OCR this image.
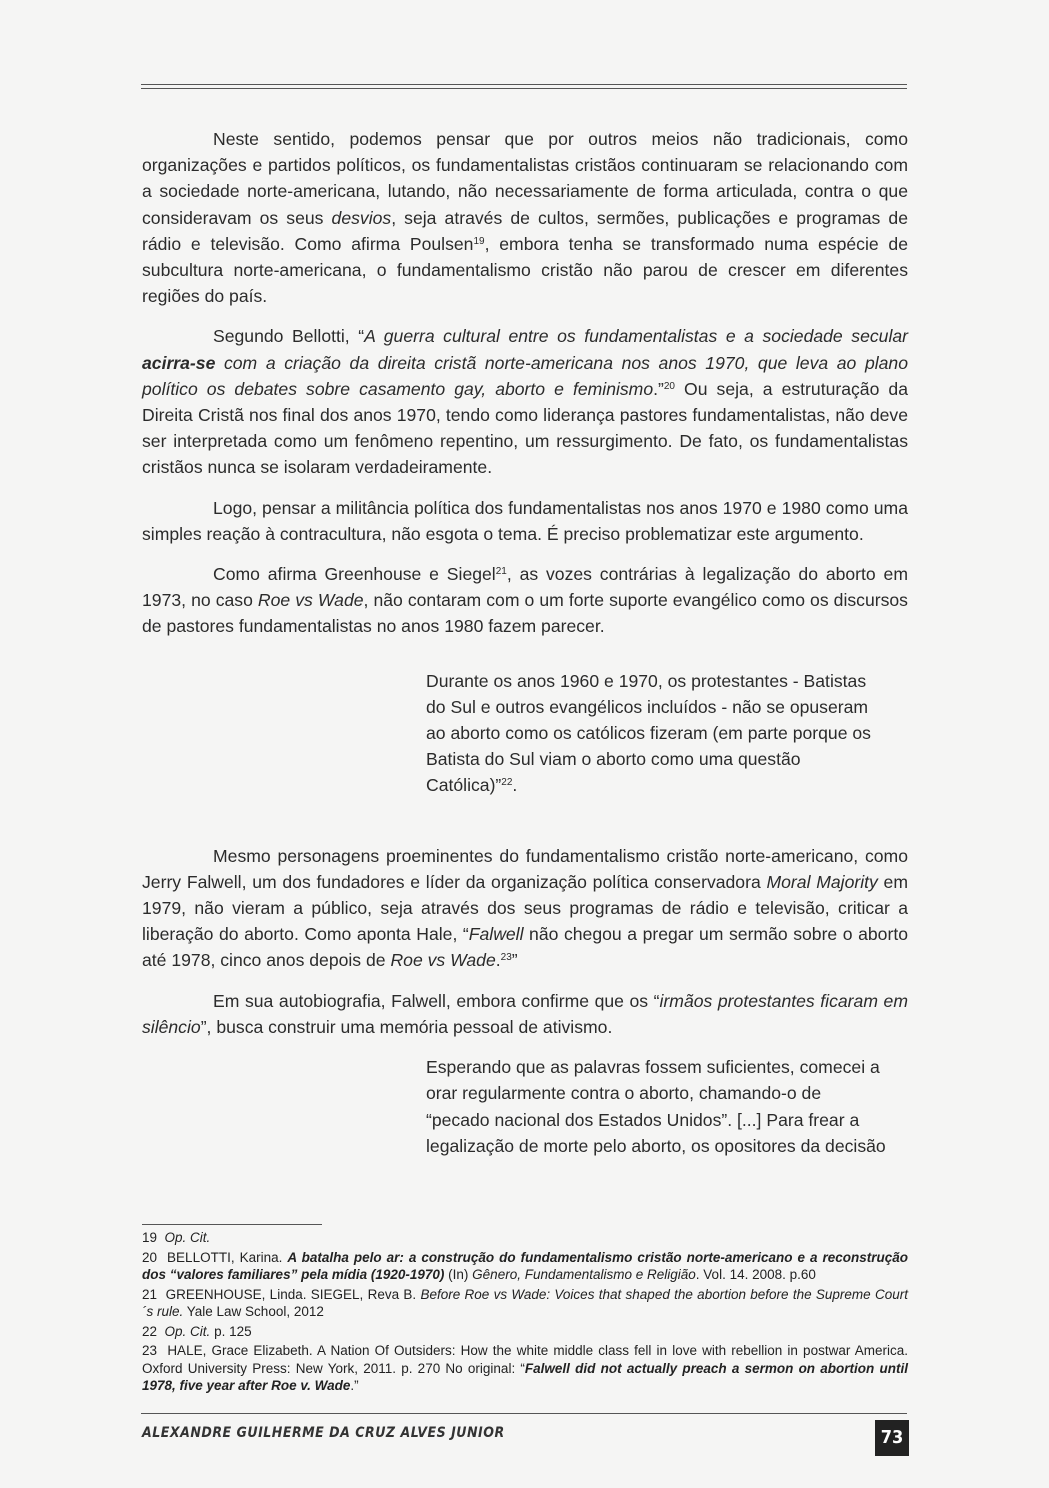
Neste sentido, podemos pensar que por outros meios não tradicionais, como organizações e partidos políticos, os fundamentalistas cristãos continuaram se relacionando com a sociedade norte-americana, lutando, não necessariamente de forma articulada, contra o que consideravam os seus desvios, seja através de cultos, sermões, publicações e programas de rádio e televisão. Como afirma Poulsen$^{19}$, embora tenha se transformado numa espécie de subcultura norte-americana, o fundamentalismo cristão não parou de crescer em diferentes regiões do país.

Segundo Bellotti, “A guerra cultural entre os fundamentalistas e a sociedade secular acirra-se com a criação da direita cristã norte-americana nos anos 1970, que leva ao plano político os debates sobre casamento gay, aborto e feminismo.”$^{20}$ Ou seja, a estruturação da Direita Cristã nos final dos anos 1970, tendo como liderança pastores fundamentalistas, não deve ser interpretada como um fenômeno repentino, um ressurgimento. De fato, os fundamentalistas cristãos nunca se isolaram verdadeiramente.

Logo, pensar a militância política dos fundamentalistas nos anos 1970 e 1980 como uma simples reação à contracultura, não esgota o tema. É preciso problematizar este argumento.

Como afirma Greenhouse e Siegel$^{21}$, as vozes contrárias à legalização do aborto em 1973, no caso Roe vs Wade, não contaram com o um forte suporte evangélico como os discursos de pastores fundamentalistas no anos 1980 fazem parecer.

Durante os anos 1960 e 1970, os protestantes - Batistas do Sul e outros evangélicos incluídos - não se opuseram ao aborto como os católicos fizeram (em parte porque os Batista do Sul viam o aborto como uma questão Católica)”$^{22}$.

Mesmo personagens proeminentes do fundamentalismo cristão norte-americano, como Jerry Falwell, um dos fundadores e líder da organização política conservadora Moral Majority em 1979, não vieram a público, seja através dos seus programas de rádio e televisão, criticar a liberação do aborto. Como aponta Hale, “Falwell não chegou a pregar um sermão sobre o aborto até 1978, cinco anos depois de Roe vs Wade.$^{23}$”

Em sua autobiografia, Falwell, embora confirme que os “irmãos protestantes ficaram em silêncio”, busca construir uma memória pessoal de ativismo.

Esperando que as palavras fossem suficientes, comecei a orar regularmente contra o aborto, chamando-o de “pecado nacional dos Estados Unidos”. [...] Para frear a legalização de morte pelo aborto, os opositores da decisão

19 Op. Cit.

20 BELLOTTI, Karina. A batalha pelo ar: a construção do fundamentalismo cristão norte-americano e a reconstrução dos “valores familiares” pela mídia (1920-1970) (In) Gênero, Fundamentalismo e Religião. Vol. 14. 2008. p.60

21 GREENHOUSE, Linda. SIEGEL, Reva B. Before Roe vs Wade: Voices that shaped the abortion before the Supreme Court´s rule. Yale Law School, 2012

22 Op. Cit. p. 125

23 HALE, Grace Elizabeth. A Nation Of Outsiders: How the white middle class fell in love with rebellion in postwar America. Oxford University Press: New York, 2011. p. 270 No original: “Falwell did not actually preach a sermon on abortion until 1978, five year after Roe v. Wade.”

ALEXANDRE GUILHERME DA CRUZ ALVES JUNIOR	73
